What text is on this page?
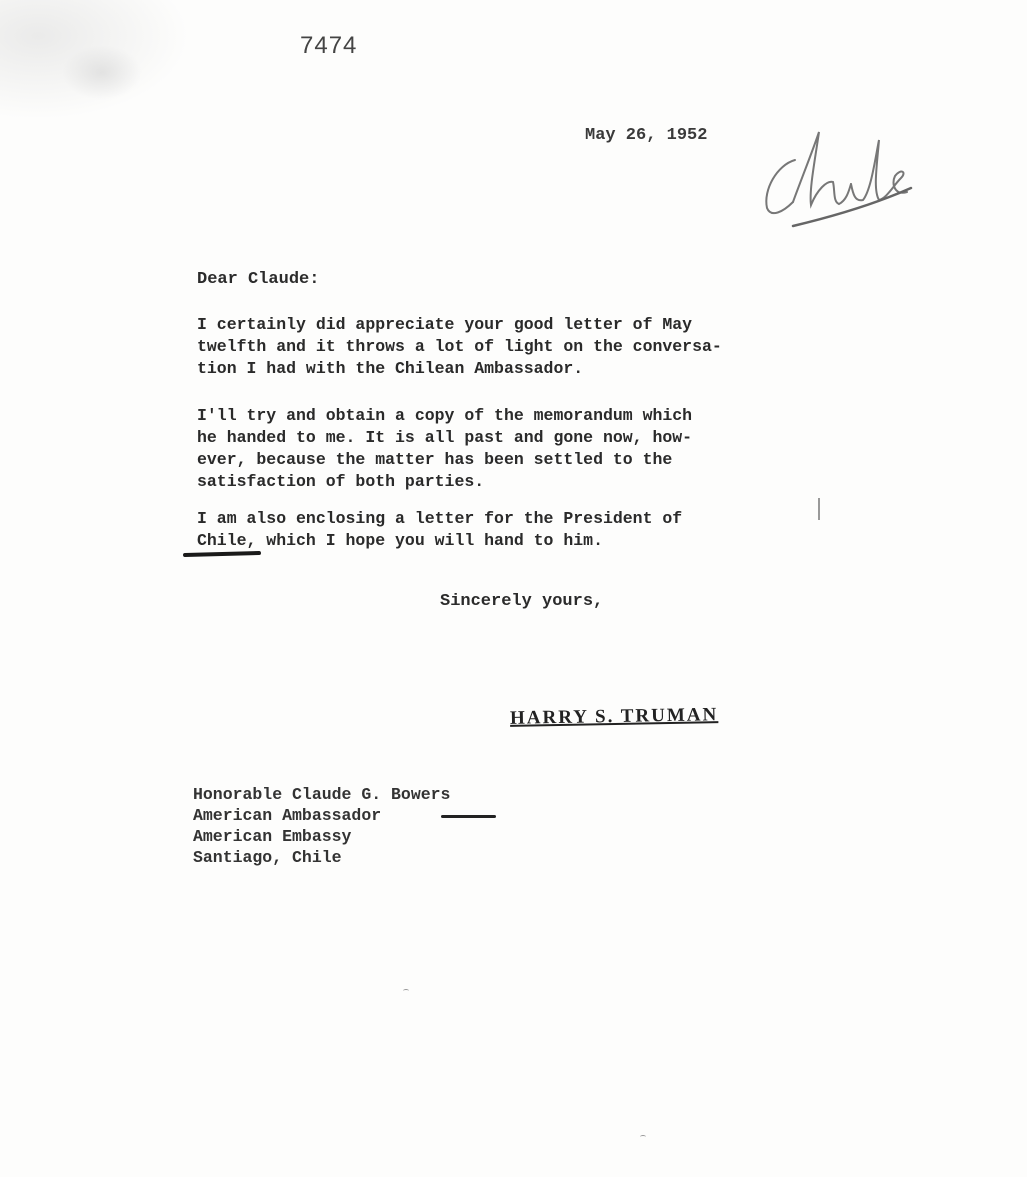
7474
May 26, 1952
Dear Claude:
I certainly did appreciate your good letter of May
twelfth and it throws a lot of light on the conversa-
tion I had with the Chilean Ambassador.
I'll try and obtain a copy of the memorandum which
he handed to me. It is all past and gone now, how-
ever, because the matter has been settled to the
satisfaction of both parties.
I am also enclosing a letter for the President of
Chile, which I hope you will hand to him.
Sincerely yours,
HARRY S. TRUMAN
Honorable Claude G. Bowers
American Ambassador
American Embassy
Santiago, Chile
